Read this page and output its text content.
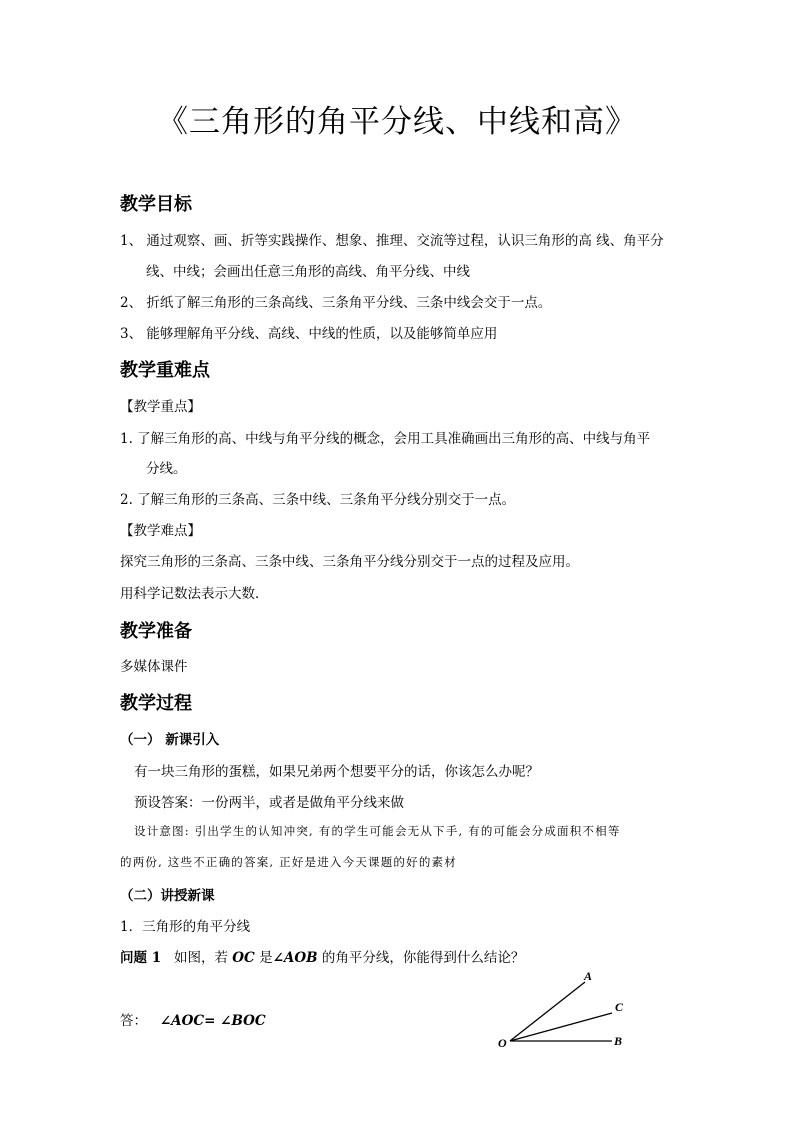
《三角形的角平分线、中线和高》
教学目标
1、 通过观察、画、折等实践操作、想象、推理、交流等过程，认识三角形的高 线、角平分
线、中线；会画出任意三角形的高线、角平分线、中线
2、 折纸了解三角形的三条高线、三条角平分线、三条中线会交于一点。
3、 能够理解角平分线、高线、中线的性质，以及能够简单应用
教学重难点
【教学重点】
1. 了解三角形的高、中线与角平分线的概念，会用工具准确画出三角形的高、中线与角平
分线。
2. 了解三角形的三条高、三条中线、三条角平分线分别交于一点。
【教学难点】
探究三角形的三条高、三条中线、三条角平分线分别交于一点的过程及应用。
用科学记数法表示大数．
教学准备
多媒体课件
教学过程
（一） 新课引入
有一块三角形的蛋糕，如果兄弟两个想要平分的话，你该怎么办呢？
预设答案：一份两半，或者是做角平分线来做
设计意图: 引出学生的认知冲突, 有的学生可能会无从下手, 有的可能会分成面积不相等
的两份, 这些不正确的答案, 正好是进入今天课题的好的素材
（二）讲授新课
1．三角形的角平分线
问题 1 如图，若 OC 是∠AOB 的角平分线，你能得到什么结论？
答： ∠AOC= ∠BOC
A
C
B
O
